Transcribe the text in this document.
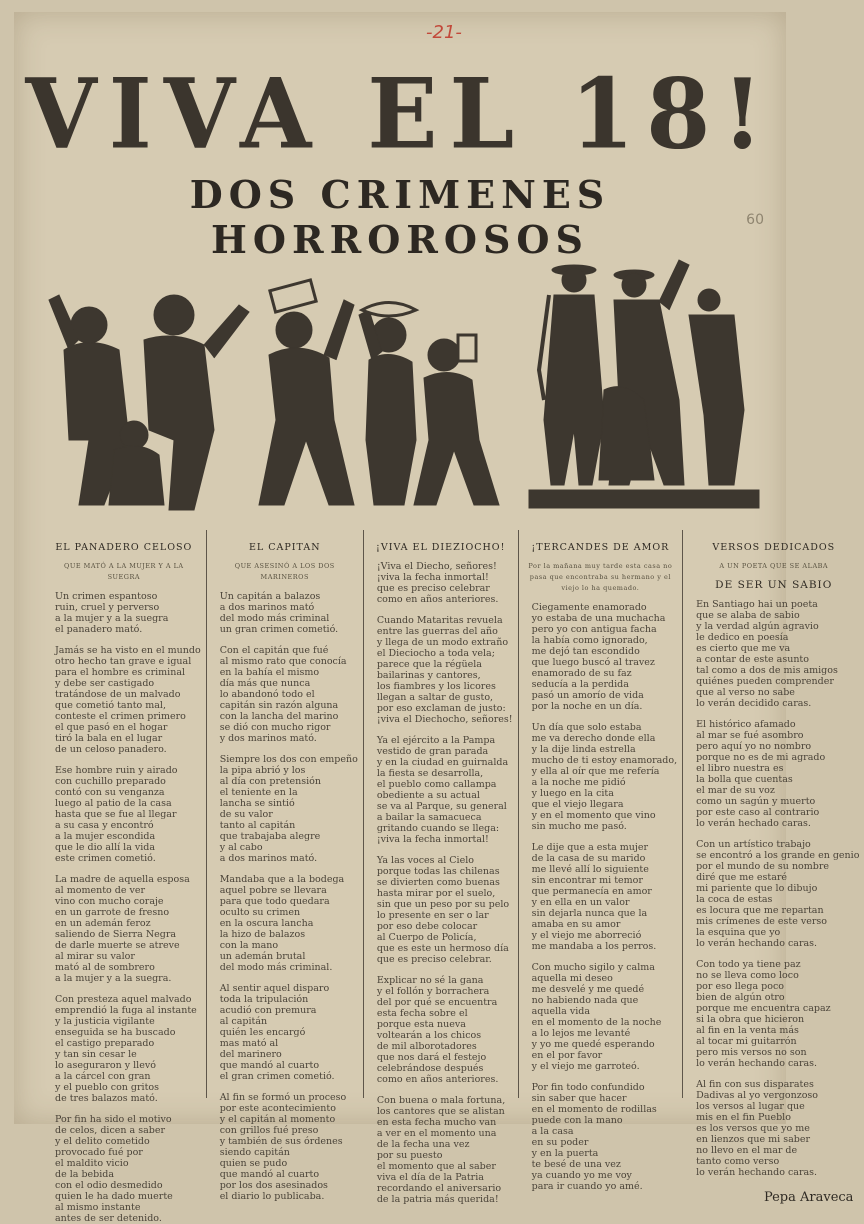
-21-
60
VIVA EL 18!
DOS CRIMENES HORROROSOS
EL PANADERO CELOSO
QUE MATÓ A LA MUJER Y A LA SUEGRA
Un crimen espantoso
ruin, cruel y perverso
a la mujer y a la suegra
el panadero mató.
Jamás se ha visto en el mundo
otro hecho tan grave e igual
para el hombre es criminal
y debe ser castigado
tratándose de un malvado
que cometió tanto mal,
conteste el crimen primero
el que pasó en el hogar
tiró la bala en el lugar
de un celoso panadero.
Ese hombre ruin y airado
con cuchillo preparado
contó con su venganza
luego al patio de la casa
hasta que se fue al llegar
a su casa y encontró
a la mujer escondida
que le dio allí la vida
este crimen cometió.
La madre de aquella esposa
al momento de ver
vino con mucho coraje
en un garrote de fresno
en un ademán feroz
saliendo de Sierra Negra
de darle muerte se atreve
al mirar su valor
mató al de sombrero
a la mujer y a la suegra.
Con presteza aquel malvado
emprendió la fuga al instante
y la justicia vigilante
enseguida se ha buscado
el castigo preparado
y tan sin cesar le
lo aseguraron y llevó
a la cárcel con gran
y el pueblo con gritos
de tres balazos mató.
Por fin ha sido el motivo
de celos, dicen a saber
y el delito cometido
provocado fué por
el maldito vicio
de la bebida
con el odio desmedido
quien le ha dado muerte
al mismo instante
antes de ser detenido.
EL CAPITAN
QUE ASESINÓ A LOS DOS MARINEROS
Un capitán a balazos
a dos marinos mató
del modo más criminal
un gran crimen cometió.
Con el capitán que fué
al mismo rato que conocía
en la bahía el mismo
día más que nunca
lo abandonó todo el
capitán sin razón alguna
con la lancha del marino
se dió con mucho rigor
y dos marinos mató.
Siempre los dos con empeño
la pipa abrió y los
al día con pretensión
el teniente en la
lancha se sintió
de su valor
tanto al capitán
que trabajaba alegre
y al cabo
a dos marinos mató.
Mandaba que a la bodega
aquel pobre se llevara
para que todo quedara
oculto su crimen
en la oscura lancha
la hizo de balazos
con la mano
un ademán brutal
del modo más criminal.
Al sentir aquel disparo
toda la tripulación
acudió con premura
al capitán
quién les encargó
mas mató al
del marinero
que mandó al cuarto
el gran crimen cometió.
Al fin se formó un proceso
por este acontecimiento
y el capitán al momento
con grillos fué preso
y también de sus órdenes
siendo capitán
quien se pudo
que mandó al cuarto
por los dos asesinados
el diario lo publicaba.
¡VIVA EL DIEZIOCHO!
¡Viva el Diecho, señores!
¡viva la fecha inmortal!
que es preciso celebrar
como en años anteriores.
Cuando Mataritas revuela
entre las guerras del año
y llega de un modo extraño
el Dieciocho a toda vela;
parece que la régüela
bailarinas y cantores,
los fiambres y los licores
llegan a saltar de gusto,
por eso exclaman de justo:
¡viva el Diechocho, señores!
Ya el ejército a la Pampa
vestido de gran parada
y en la ciudad en guirnalda
la fiesta se desarrolla,
el pueblo como callampa
obediente a su actual
se va al Parque, su general
a bailar la samacueca
gritando cuando se llega:
¡viva la fecha inmortal!
Ya las voces al Cielo
porque todas las chilenas
se divierten como buenas
hasta mirar por el suelo,
sin que un peso por su pelo
lo presente en ser o lar
por eso debe colocar
al Cuerpo de Policía,
que es este un hermoso día
que es preciso celebrar.
Explicar no sé la gana
y el follón y borrachera
del por qué se encuentra
esta fecha sobre el
porque esta nueva
voltearán a los chicos
de mil alborotadores
que nos dará el festejo
celebrándose después
como en años anteriores.
Con buena o mala fortuna,
los cantores que se alistan
en esta fecha mucho van
a ver en el momento una
de la fecha una vez
por su puesto
el momento que al saber
viva el día de la Patria
recordando el aniversario
de la patria más querida!
¡TERCANDES DE AMOR
Por la mañana muy tarde esta casa no pasa que encontraba su hermano y el viejo lo ha quemado.
Ciegamente enamorado
yo estaba de una muchacha
pero yo con antigua facha
la había como ignorado,
me dejó tan escondido
que luego buscó al travez
enamorado de su faz
seducía a la perdida
pasó un amorío de vida
por la noche en un día.
Un día que solo estaba
me va derecho donde ella
y la dije linda estrella
mucho de ti estoy enamorado,
y ella al oír que me refería
a la noche me pidió
y luego en la cita
que el viejo llegara
y en el momento que vino
sin mucho me pasó.
Le dije que a esta mujer
de la casa de su marido
me llevé allí lo siguiente
sin encontrar mi temor
que permanecía en amor
y en ella en un valor
sin dejarla nunca que la
amaba en su amor
y el viejo me aborreció
me mandaba a los perros.
Con mucho sigilo y calma
aquella mi deseo
me desvelé y me quedé
no habiendo nada que
aquella vida
en el momento de la noche
a lo lejos me levanté
y yo me quedé esperando
en el por favor
y el viejo me garroteó.
Por fin todo confundido
sin saber que hacer
en el momento de rodillas
puede con la mano
a la casa
en su poder
y en la puerta
te besé de una vez
ya cuando yo me voy
para ir cuando yo amé.
VERSOS DEDICADOS
A UN POETA QUE SE ALABA
DE SER UN SABIO
En Santiago hai un poeta
que se alaba de sabio
y la verdad algún agravio
le dedico en poesía
es cierto que me va
a contar de este asunto
tal como a dos de mis amigos
quiénes pueden comprender
que al verso no sabe
lo verán decidido caras.
El histórico afamado
al mar se fué asombro
pero aquí yo no nombro
porque no es de mi agrado
el libro nuestra es
la bolla que cuentas
el mar de su voz
como un sagún y muerto
por este caso al contrario
lo verán hechado caras.
Con un artístico trabajo
se encontró a los grande en genio
por el mundo de su nombre
diré que me estaré
mi pariente que lo dibujo
la coca de estas
es locura que me repartan
mis crímenes de este verso
la esquina que yo
lo verán hechando caras.
Con todo ya tiene paz
no se lleva como loco
por eso llega poco
bien de algún otro
porque me encuentra capaz
si la obra que hicieron
al fin en la venta más
al tocar mi guitarrón
pero mis versos no son
lo verán hechando caras.
Al fin con sus disparates
Dadivas al yo vergonzoso
los versos al lugar que
mis en el fin Pueblo
es los versos que yo me
en lienzos que mi saber
no llevo en el mar de
tanto como verso
lo verán hechando caras.
Pepa Araveca
